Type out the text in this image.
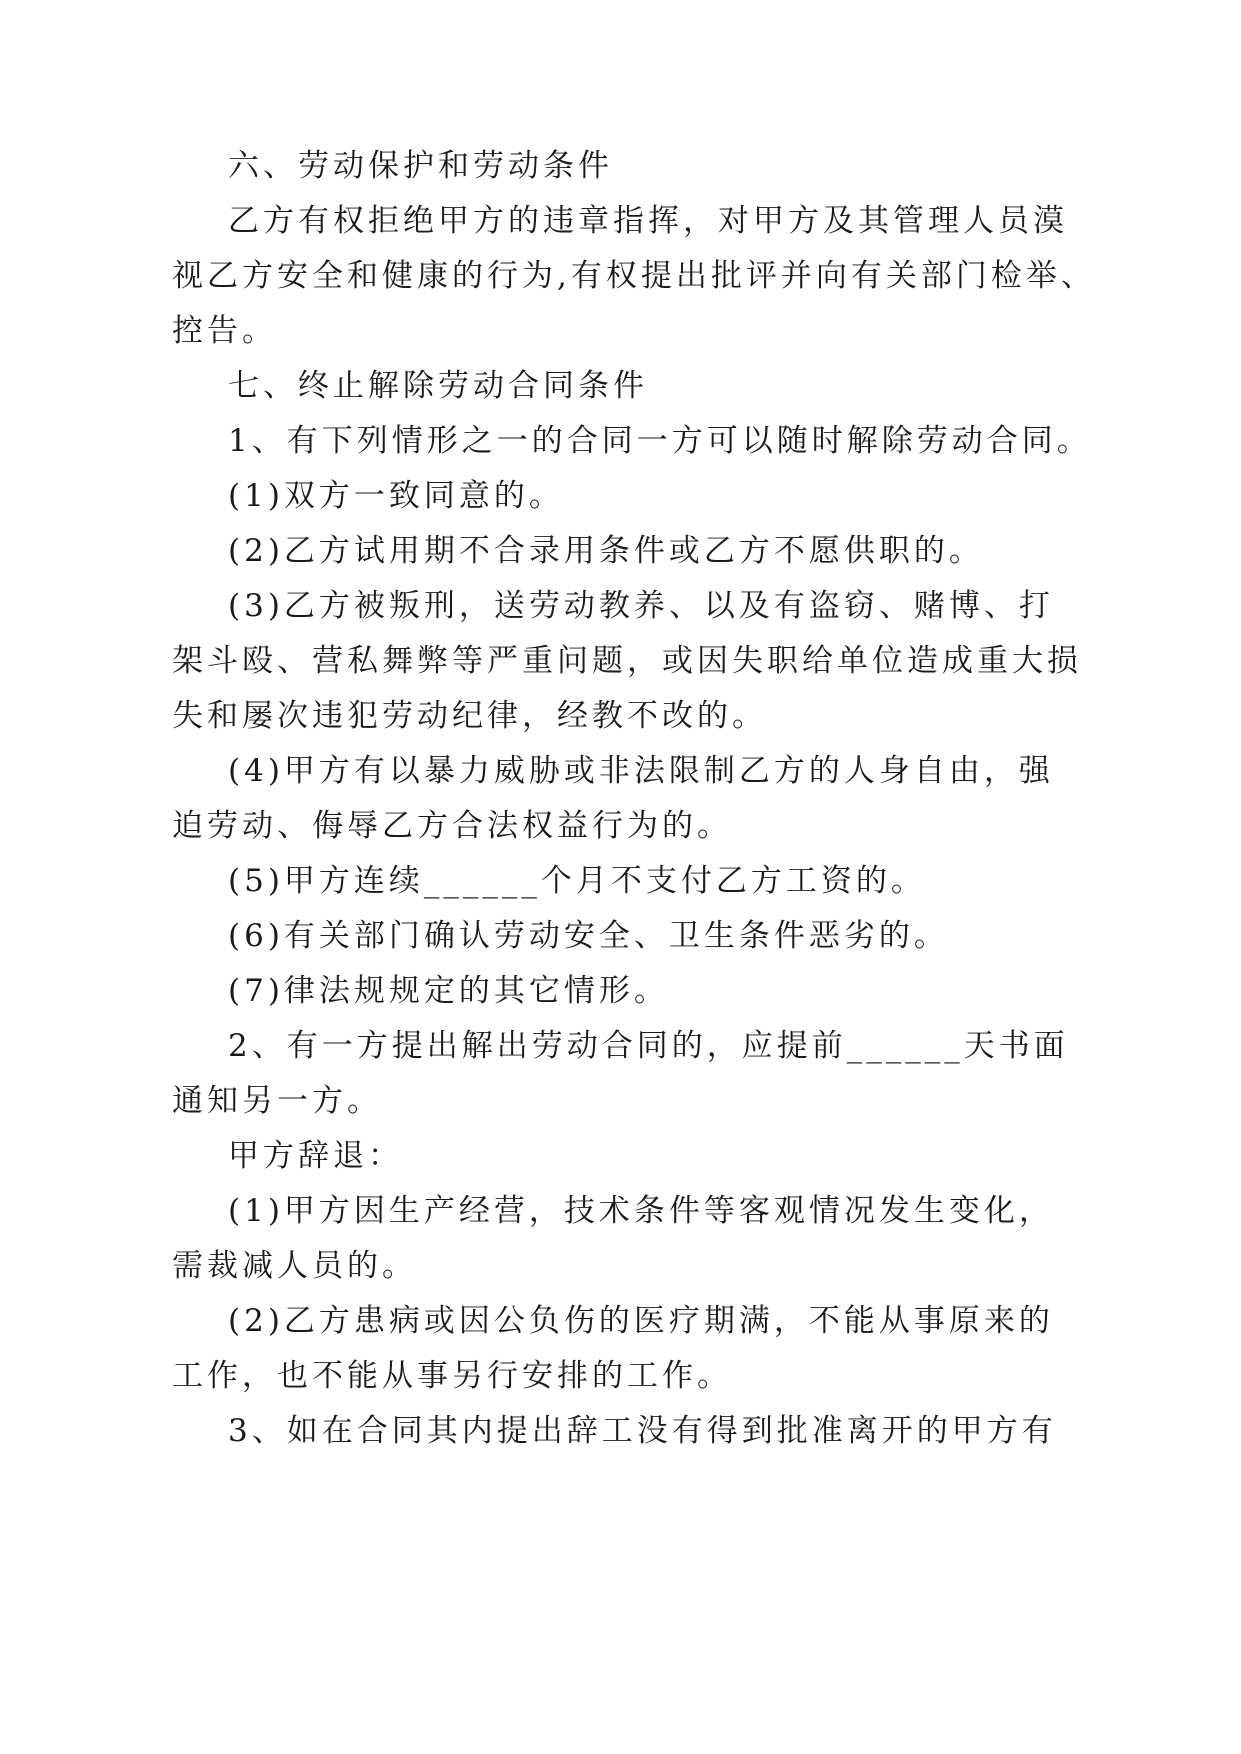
六、劳动保护和劳动条件
乙方有权拒绝甲方的违章指挥，对甲方及其管理人员漠
视乙方安全和健康的行为,有权提出批评并向有关部门检举、
控告。
七、终止解除劳动合同条件
1、有下列情形之一的合同一方可以随时解除劳动合同。
(1)双方一致同意的。
(2)乙方试用期不合录用条件或乙方不愿供职的。
(3)乙方被叛刑，送劳动教养、以及有盗窃、赌博、打
架斗殴、营私舞弊等严重问题，或因失职给单位造成重大损
失和屡次违犯劳动纪律，经教不改的。
(4)甲方有以暴力威胁或非法限制乙方的人身自由，强
迫劳动、侮辱乙方合法权益行为的。
(5)甲方连续______个月不支付乙方工资的。
(6)有关部门确认劳动安全、卫生条件恶劣的。
(7)律法规规定的其它情形。
2、有一方提出解出劳动合同的，应提前______天书面
通知另一方。
甲方辞退：
(1)甲方因生产经营，技术条件等客观情况发生变化，
需裁减人员的。
(2)乙方患病或因公负伤的医疗期满，不能从事原来的
工作，也不能从事另行安排的工作。
3、如在合同其内提出辞工没有得到批准离开的甲方有
